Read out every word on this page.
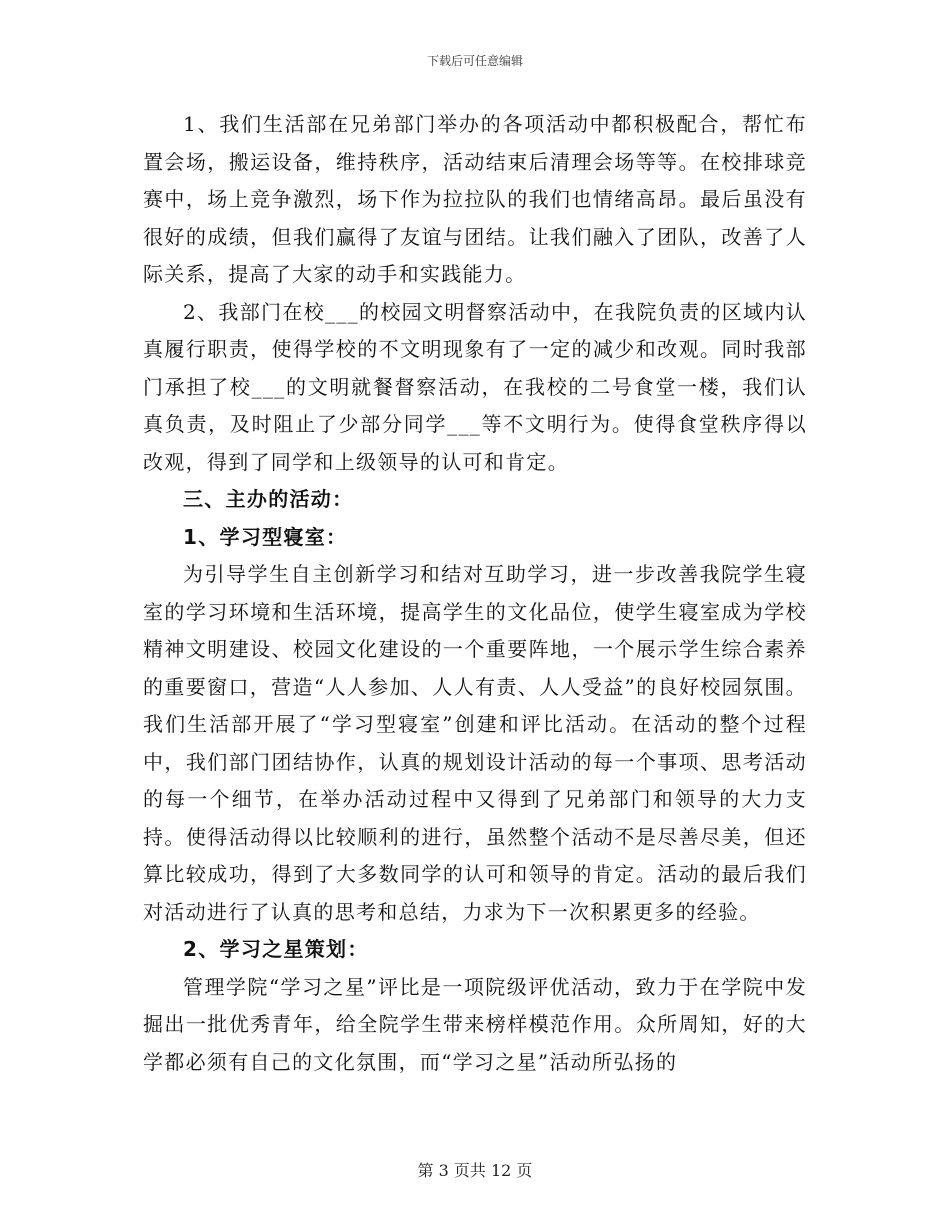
下载后可任意编辑

1、我们生活部在兄弟部门举办的各项活动中都积极配合，帮忙布置会场，搬运设备，维持秩序，活动结束后清理会场等等。在校排球竞赛中，场上竞争激烈，场下作为拉拉队的我们也情绪高昂。最后虽没有很好的成绩，但我们赢得了友谊与团结。让我们融入了团队，改善了人际关系，提高了大家的动手和实践能力。

2、我部门在校___的校园文明督察活动中，在我院负责的区域内认真履行职责，使得学校的不文明现象有了一定的减少和改观。同时我部门承担了校___的文明就餐督察活动，在我校的二号食堂一楼，我们认真负责，及时阻止了少部分同学___等不文明行为。使得食堂秩序得以改观，得到了同学和上级领导的认可和肯定。

三、主办的活动：

1、学习型寝室：

为引导学生自主创新学习和结对互助学习，进一步改善我院学生寝室的学习环境和生活环境，提高学生的文化品位，使学生寝室成为学校精神文明建设、校园文化建设的一个重要阵地，一个展示学生综合素养的重要窗口，营造“人人参加、人人有责、人人受益”的良好校园氛围。我们生活部开展了“学习型寝室”创建和评比活动。在活动的整个过程中，我们部门团结协作，认真的规划设计活动的每一个事项、思考活动的每一个细节，在举办活动过程中又得到了兄弟部门和领导的大力支持。使得活动得以比较顺利的进行，虽然整个活动不是尽善尽美，但还算比较成功，得到了大多数同学的认可和领导的肯定。活动的最后我们对活动进行了认真的思考和总结，力求为下一次积累更多的经验。

2、学习之星策划：

管理学院“学习之星”评比是一项院级评优活动，致力于在学院中发掘出一批优秀青年，给全院学生带来榜样模范作用。众所周知，好的大学都必须有自己的文化氛围，而“学习之星”活动所弘扬的

第 3 页共 12 页
